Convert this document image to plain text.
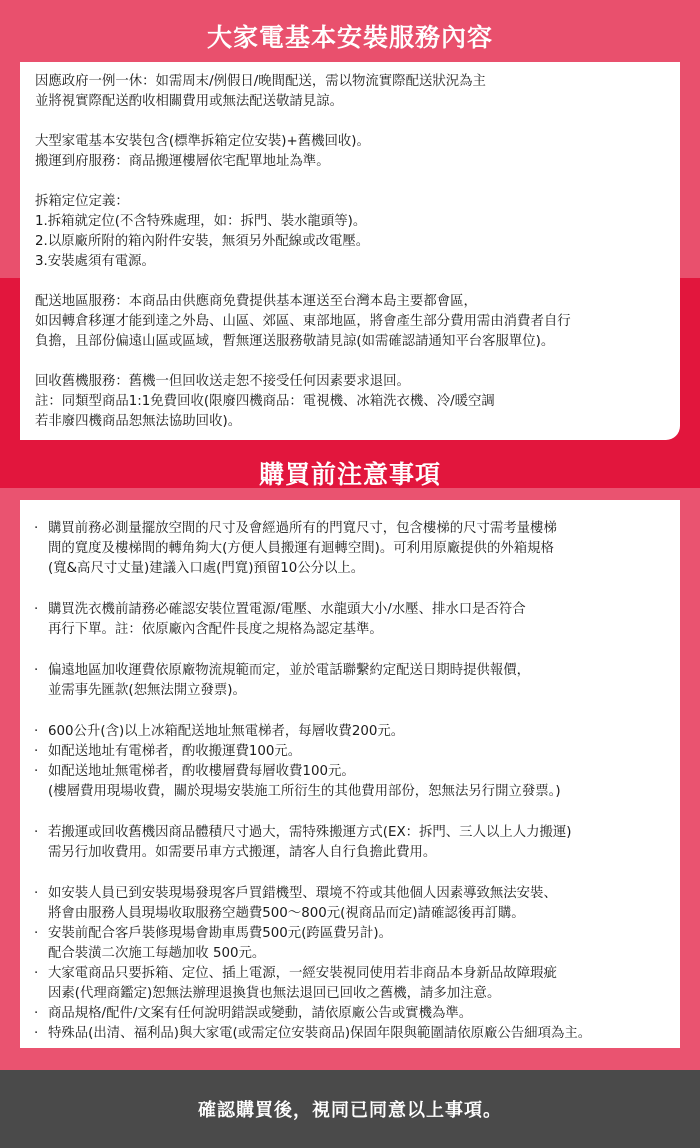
大家電基本安裝服務內容
因應政府一例一休：如需周末/例假日/晚間配送，需以物流實際配送狀況為主
並將視實際配送酌收相關費用或無法配送敬請見諒。
大型家電基本安裝包含(標準拆箱定位安裝)+舊機回收)。
搬運到府服務：商品搬運樓層依宅配單地址為準。
拆箱定位定義：
1.拆箱就定位(不含特殊處理，如：拆門、裝水龍頭等)。
2.以原廠所附的箱內附件安裝，無須另外配線或改電壓。
3.安裝處須有電源。
配送地區服務：本商品由供應商免費提供基本運送至台灣本島主要都會區，
如因轉倉移運才能到達之外島、山區、郊區、東部地區，將會產生部分費用需由消費者自行
負擔，且部份偏遠山區或區域，暫無運送服務敬請見諒(如需確認請通知平台客服單位)。
回收舊機服務：舊機一但回收送走恕不接受任何因素要求退回。
註：同類型商品1:1免費回收(限廢四機商品：電視機、冰箱洗衣機、冷/暖空調
若非廢四機商品恕無法協助回收)。
購買前注意事項
· 購買前務必測量擺放空間的尺寸及會經過所有的門寬尺寸，包含樓梯的尺寸需考量樓梯
間的寬度及樓梯間的轉角夠大(方便人員搬運有迴轉空間)。可利用原廠提供的外箱規格
(寬&高尺寸丈量)建議入口處(門寬)預留10公分以上。
· 購買洗衣機前請務必確認安裝位置電源/電壓、水龍頭大小/水壓、排水口是否符合
再行下單。註：依原廠內含配件長度之規格為認定基準。
· 偏遠地區加收運費依原廠物流規範而定，並於電話聯繫約定配送日期時提供報價，
並需事先匯款(恕無法開立發票)。
· 600公升(含)以上冰箱配送地址無電梯者，每層收費200元。
· 如配送地址有電梯者，酌收搬運費100元。
· 如配送地址無電梯者，酌收樓層費每層收費100元。
(樓層費用現場收費，關於現場安裝施工所衍生的其他費用部份，恕無法另行開立發票。)
· 若搬運或回收舊機因商品體積尺寸過大，需特殊搬運方式(EX：拆門、三人以上人力搬運)
需另行加收費用。如需要吊車方式搬運，請客人自行負擔此費用。
· 如安裝人員已到安裝現場發現客戶買錯機型、環境不符或其他個人因素導致無法安裝、
將會由服務人員現場收取服務空趟費500～800元(視商品而定)請確認後再訂購。
· 安裝前配合客戶裝修現場會勘車馬費500元(跨區費另計)。
配合裝潢二次施工每趟加收 500元。
· 大家電商品只要拆箱、定位、插上電源，一經安裝視同使用若非商品本身新品故障瑕疵
因素(代理商鑑定)恕無法辦理退換貨也無法退回已回收之舊機，請多加注意。
· 商品規格/配件/文案有任何說明錯誤或變動，請依原廠公告或實機為準。
· 特殊品(出清、福利品)與大家電(或需定位安裝商品)保固年限與範圍請依原廠公告細項為主。
確認購買後，視同已同意以上事項。
